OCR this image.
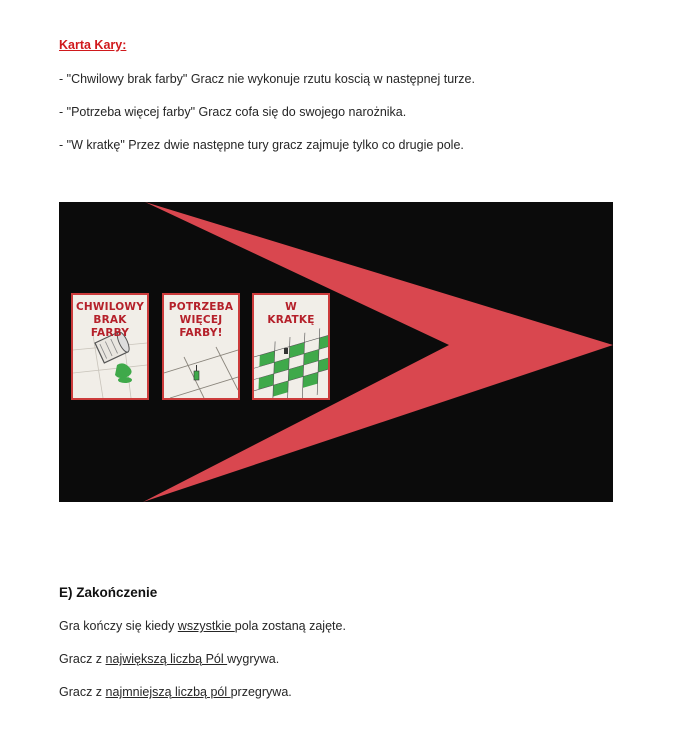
Karta Kary:
- "Chwilowy brak farby" Gracz nie wykonuje rzutu koscią w następnej turze.
- "Potrzeba więcej farby" Gracz cofa się do swojego narożnika.
- "W kratkę" Przez dwie następne tury gracz zajmuje tylko co drugie pole.
CHWILOWY
BRAK FARBY
POTRZEBA
WIĘCEJ
FARBY!
W
KRATKĘ
E) Zakończenie
Gra kończy się kiedy wszystkie pola zostaną zajęte.
Gracz z największą liczbą Pól wygrywa.
Gracz z najmniejszą liczbą pól przegrywa.
